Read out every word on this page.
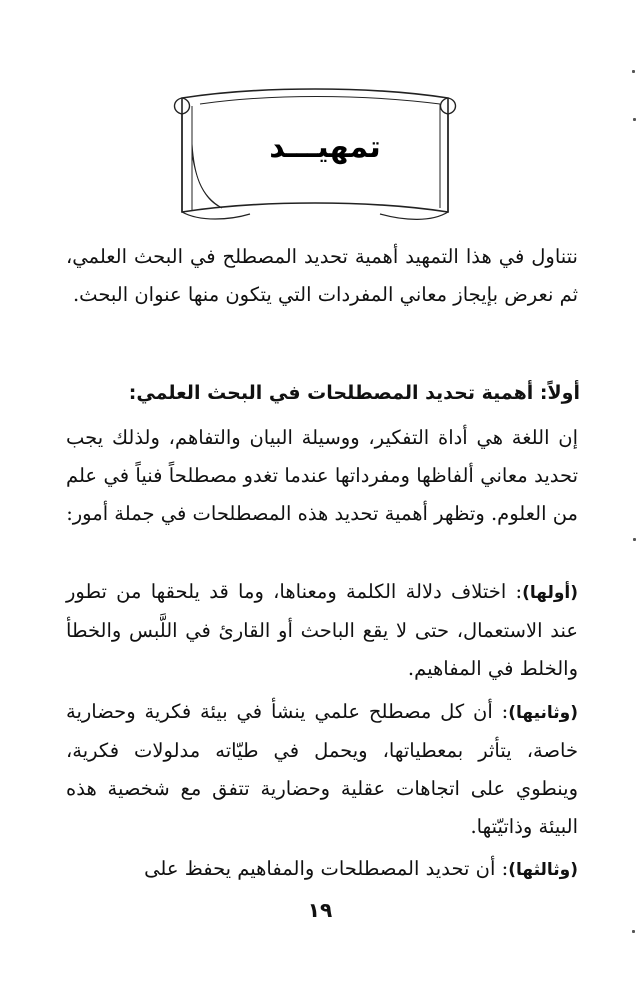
تمهيـــد

نتناول في هذا التمهيد أهمية تحديد المصطلح في البحث العلمي، ثم نعرض بإيجاز معاني المفردات التي يتكون منها عنوان البحث.

أولاً: أهمية تحديد المصطلحات في البحث العلمي:

إن اللغة هي أداة التفكير، ووسيلة البيان والتفاهم، ولذلك يجب تحديد معاني ألفاظها ومفرداتها عندما تغدو مصطلحاً فنياً في علم من العلوم. وتظهر أهمية تحديد هذه المصطلحات في جملة أمور:

(أولها): اختلاف دلالة الكلمة ومعناها، وما قد يلحقها من تطور عند الاستعمال، حتى لا يقع الباحث أو القارئ في اللَّبس والخطأ والخلط في المفاهيم.

(وثانيها): أن كل مصطلح علمي ينشأ في بيئة فكرية وحضارية خاصة، يتأثر بمعطياتها، ويحمل في طيّاته مدلولات فكرية، وينطوي على اتجاهات عقلية وحضارية تتفق مع شخصية هذه البيئة وذاتيّتها.

(وثالثها): أن تحديد المصطلحات والمفاهيم يحفظ على

١٩
